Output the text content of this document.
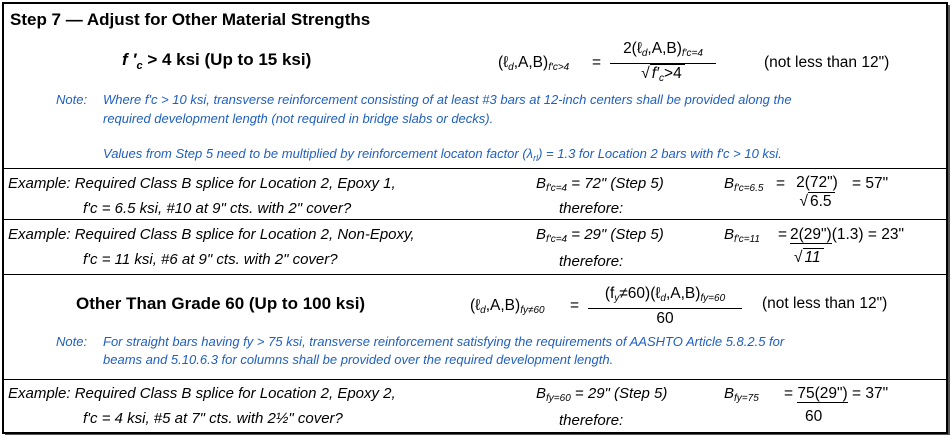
Step 7 — Adjust for Other Material Strengths
f $'_c > 4$ ksi (Up to 15 ksi)	$(\ell_d,A,B)_{f'c>4}$ =
$2(\ell_d,A,B)_{f'c=4}$
√ $f'_c>4$
(not less than 12")
Note: Where f'c > 10 ksi, transverse reinforcement consisting of at least #3 bars at 12-inch centers shall be provided along the
required development length (not required in bridge slabs or decks).
Values from Step 5 need to be multiplied by reinforcement locaton factor $(\lambda_{rl}) = 1.3$ for Location 2 bars with f'c > 10 ksi.
Example: Required Class B splice for Location 2, Epoxy 1,
f'c = 6.5 ksi, #10 at 9" cts. with 2" cover?
$B_{f'c=4} = 72$" (Step 5)
therefore:
$B_{f'c=6.5}$	2(72")
√ 6.5
= 57"
Example: Required Class B splice for Location 2, Non-Epoxy,
f'c = 11 ksi, #6 at 9" cts. with 2" cover?
$B_{f'c=4} = 29$" (Step 5)
therefore:
$B_{f'c=11}$ 2(29")(1.3) = 23"
√ 11
Other Than Grade 60 (Up to 100 ksi)	$(\ell_d,A,B)_{fy\ne 60}$ =
$(f_y\ne 60)(\ell_d,A,B)_{fy=60}$
60
(not less than 12")
Note: For straight bars having fy > 75 ksi, transverse reinforcement satisfying the requirements of AASHTO Article 5.8.2.5 for
beams and 5.10.6.3 for columns shall be provided over the required development length.
Example: Required Class B splice for Location 2, Epoxy 2,
f'c = 4 ksi, #5 at 7" cts. with 2½" cover?
$B_{fy=60} = 29$" (Step 5)
therefore:
$B_{fy=75}$ = 75(29") = 37"
60
=
=
